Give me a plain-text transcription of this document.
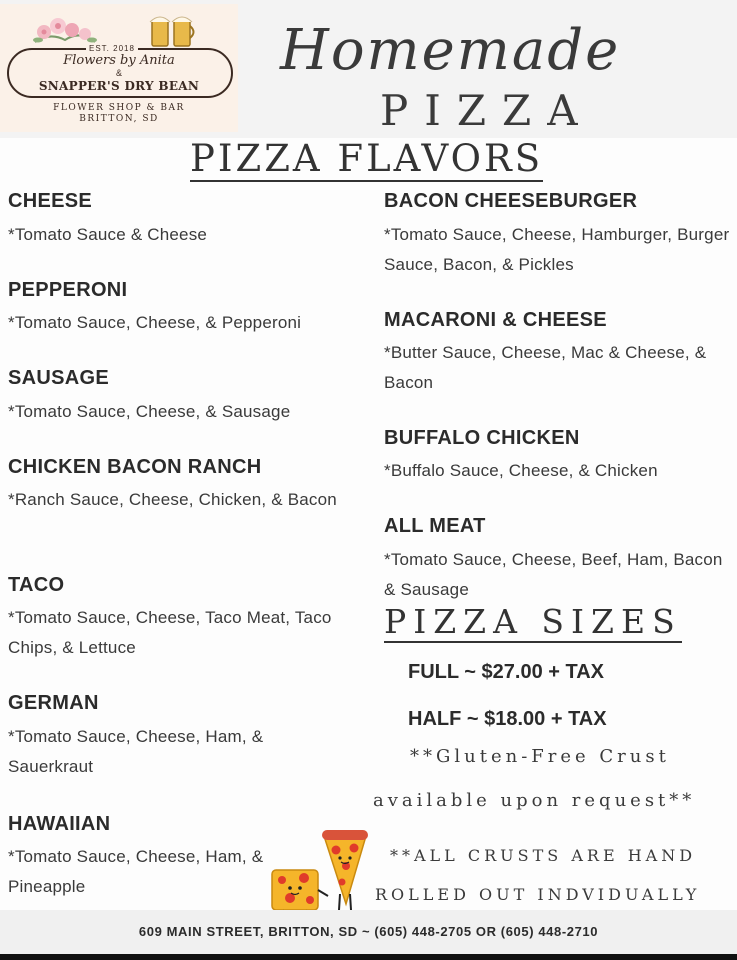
EST. 2018
Flowers by Anita
&
SNAPPER'S DRY BEAN
FLOWER SHOP & BAR
BRITTON, SD
Homemade
PIZZA
PIZZA FLAVORS
CHEESE
*Tomato Sauce & Cheese
PEPPERONI
*Tomato Sauce, Cheese, & Pepperoni
SAUSAGE
*Tomato Sauce, Cheese, & Sausage
CHICKEN BACON RANCH
*Ranch Sauce, Cheese, Chicken, & Bacon
TACO
*Tomato Sauce, Cheese, Taco Meat, Taco Chips, & Lettuce
GERMAN
*Tomato Sauce, Cheese, Ham, & Sauerkraut
HAWAIIAN
*Tomato Sauce, Cheese, Ham, & Pineapple
BACON CHEESEBURGER
*Tomato Sauce, Cheese, Hamburger, Burger Sauce, Bacon, & Pickles
MACARONI & CHEESE
*Butter Sauce, Cheese, Mac & Cheese, & Bacon
BUFFALO CHICKEN
*Buffalo Sauce, Cheese, & Chicken
ALL MEAT
*Tomato Sauce, Cheese, Beef, Ham, Bacon & Sausage
PIZZA SIZES
FULL ~ $27.00 + TAX
HALF ~ $18.00 + TAX
**Gluten-Free Crust
available upon request**
**ALL CRUSTS ARE HAND
ROLLED OUT INDVIDUALLY
609 MAIN STREET, BRITTON, SD ~ (605) 448-2705 OR (605) 448-2710
